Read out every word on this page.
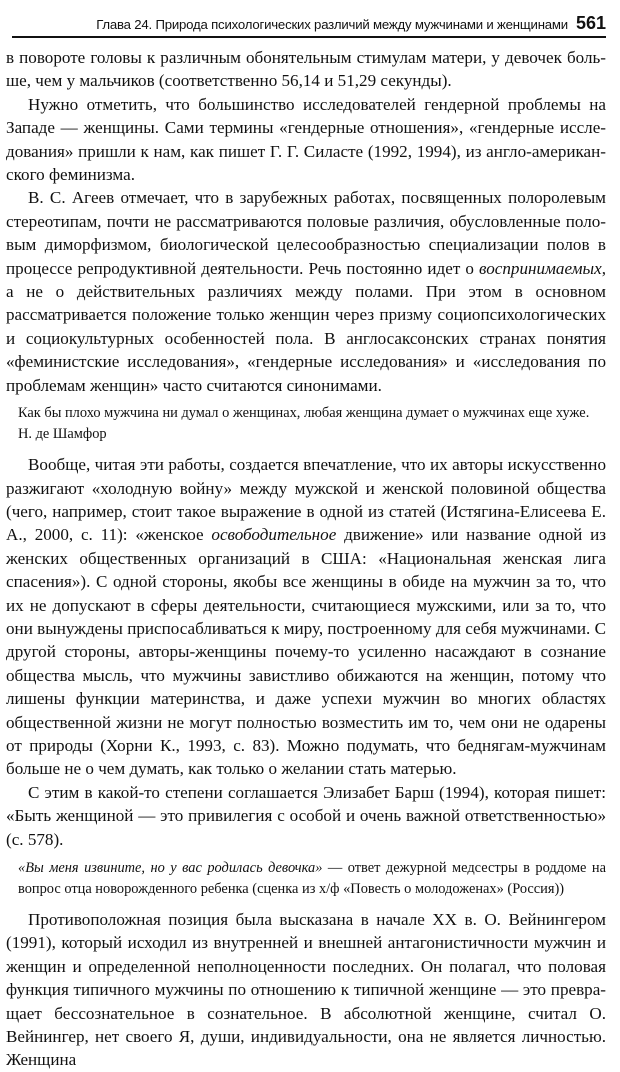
Глава 24. Природа психологических различий между мужчинами и женщинами 561

в повороте головы к различным обонятельным стимулам матери, у девочек больше, чем у мальчиков (соответственно 56,14 и 51,29 секунды).

Нужно отметить, что большинство исследователей гендерной проблемы на Западе — женщины. Сами термины «гендерные отношения», «гендерные исследования» пришли к нам, как пишет Г. Г. Силасте (1992, 1994), из англо-американского феминизма.

В. С. Агеев отмечает, что в зарубежных работах, посвященных полоролевым стереотипам, почти не рассматриваются половые различия, обусловленные половым диморфизмом, биологической целесообразностью специализации полов в процессе репродуктивной деятельности. Речь постоянно идет о воспринимаемых, а не о действительных различиях между полами. При этом в основном рассматривается положение только женщин через призму социопсихологических и социокультурных особенностей пола. В англосаксонских странах понятия «феминистские исследования», «гендерные исследования» и «исследования по проблемам женщин» часто считаются синонимами.

Как бы плохо мужчина ни думал о женщинах, любая женщина думает о мужчинах еще хуже.

Н. де Шамфор

Вообще, читая эти работы, создается впечатление, что их авторы искусственно разжигают «холодную войну» между мужской и женской половиной общества (чего, например, стоит такое выражение в одной из статей (Истягина-Елисеева Е. А., 2000, с. 11): «женское освободительное движение» или название одной из женских общественных организаций в США: «Национальная женская лига спасения»). С одной стороны, якобы все женщины в обиде на мужчин за то, что их не допускают в сферы деятельности, считающиеся мужскими, или за то, что они вынуждены приспосабливаться к миру, построенному для себя мужчинами. С другой стороны, авторы-женщины почему-то усиленно насаждают в сознание общества мысль, что мужчины завистливо обижаются на женщин, потому что лишены функции материнства, и даже успехи мужчин во многих областях общественной жизни не могут полностью возместить им то, чем они не одарены от природы (Хорни К., 1993, с. 83). Можно подумать, что беднягам-мужчинам больше не о чем думать, как только о желании стать матерью.

С этим в какой-то степени соглашается Элизабет Барш (1994), которая пишет: «Быть женщиной — это привилегия с особой и очень важной ответственностью» (с. 578).

«Вы меня извините, но у вас родилась девочка» — ответ дежурной медсестры в роддоме на вопрос отца новорожденного ребенка (сценка из х/ф «Повесть о молодоженах» (Россия))

Противоположная позиция была высказана в начале XX в. О. Вейнингером (1991), который исходил из внутренней и внешней антагонистичности мужчин и женщин и определенной неполноценности последних. Он полагал, что половая функция типичного мужчины по отношению к типичной женщине — это превращает бессознательное в сознательное. В абсолютной женщине, считал О. Вейнингер, нет своего Я, души, индивидуальности, она не является личностью. Женщина
